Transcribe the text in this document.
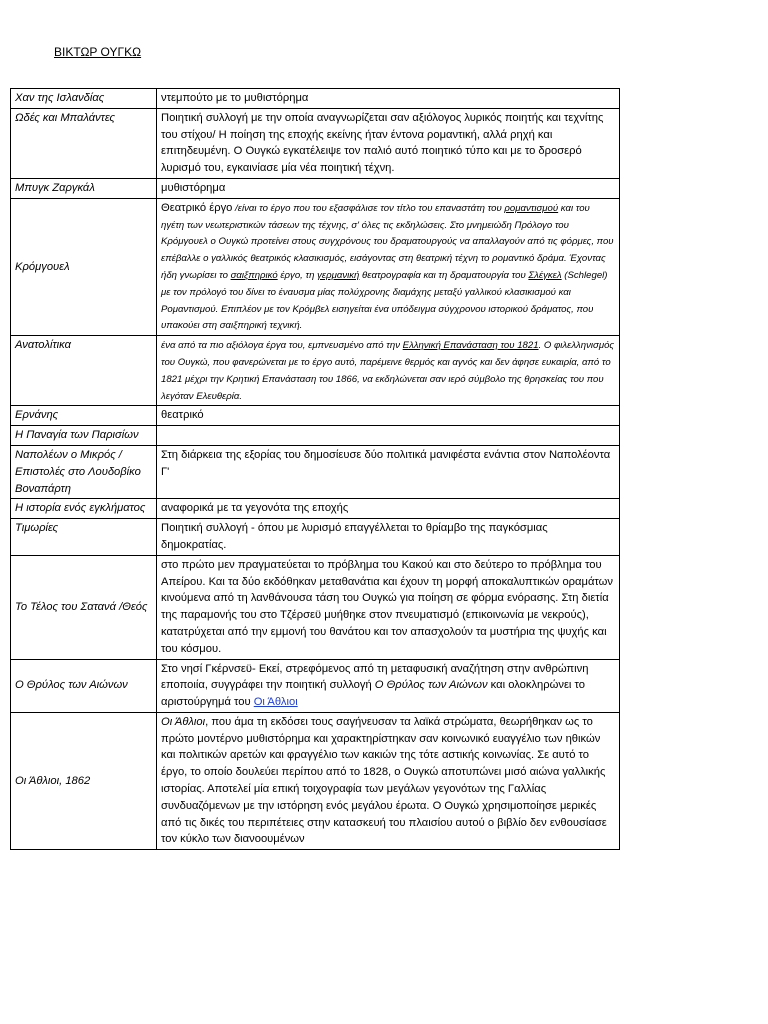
ΒΙΚΤΩΡ ΟΥΓΚΩ
Χαν της Ισλανδίας	ντεμπούτο με το μυθιστόρημα
Ωδές και Μπαλάντες	Ποιητική συλλογή με την οποία αναγνωρίζεται σαν αξιόλογος λυρικός ποιητής και τεχνίτης του στίχου/ Η ποίηση της εποχής εκείνης ήταν έντονα ρομαντική, αλλά ρηχή και επιτηδευμένη. Ο Ουγκώ εγκατέλειψε τον παλιό αυτό ποιητικό τύπο και με το δροσερό λυρισμό του, εγκαινίασε μία νέα ποιητική τέχνη.
Μπυγκ Ζαργκάλ	μυθιστόρημα
Κρόμγουελ	Θεατρικό έργο /είναι το έργο που του εξασφάλισε τον τίτλο του επαναστάτη του ρομαντισμού και του ηγέτη των νεωτεριστικών τάσεων της τέχνης, σ' όλες τις εκδηλώσεις. Στο μνημειώδη Πρόλογο του Κρόμγουελ ο Ουγκώ προτείνει στους συγχρόνους του δραματουργούς να απαλλαγούν από τις φόρμες, που επέβαλλε ο γαλλικός θεατρικός κλασικισμός, εισάγοντας στη θεατρική τέχνη το ρομαντικό δράμα. Έχοντας ήδη γνωρίσει το σαιξπηρικό έργο, τη γερμανική θεατρογραφία και τη δραματουργία του Σλέγκελ (Schlegel) με τον πρόλογό του δίνει το έναυσμα μίας πολύχρονης διαμάχης μεταξύ γαλλικού κλασικισμού και Ρομαντισμού. Επιπλέον με τον Κρόμβελ εισηγείται ένα υπόδειγμα σύγχρονου ιστορικού δράματος, που υπακούει στη σαιξπηρική τεχνική.
Ανατολίτικα	ένα από τα πιο αξιόλογα έργα του, εμπνευσμένο από την Ελληνική Επανάσταση του 1821. Ο φιλελληνισμός του Ουγκώ, που φανερώνεται με το έργο αυτό, παρέμεινε θερμός και αγνός και δεν άφησε ευκαιρία, από το 1821 μέχρι την Κρητική Επανάσταση του 1866, να εκδηλώνεται σαν ιερό σύμβολο της θρησκείας του που λεγόταν Ελευθερία.
Ερνάνης	θεατρικό
Η Παναγία των Παρισίων	
Ναπολέων ο Μικρός /Επιστολές στο Λουδοβίκο Βοναπάρτη	Στη διάρκεια της εξορίας του δημοσίευσε δύο πολιτικά μανιφέστα ενάντια στον Ναπολέοντα Γ'
Η ιστορία ενός εγκλήματος	αναφορικά με τα γεγονότα της εποχής
Τιμωρίες	Ποιητική συλλογή - όπου με λυρισμό επαγγέλλεται το θρίαμβο της παγκόσμιας δημοκρατίας.
Το Τέλος του Σατανά /Θεός	στο πρώτο μεν πραγματεύεται το πρόβλημα του Κακού και στο δεύτερο το πρόβλημα του Απείρου. Και τα δύο εκδόθηκαν μεταθανάτια και έχουν τη μορφή αποκαλυπτικών οραμάτων κινούμενα από τη λανθάνουσα τάση του Ουγκώ για ποίηση σε φόρμα ενόρασης. Στη διετία της παραμονής του στο Τζέρσεϋ μυήθηκε στον πνευματισμό (επικοινωνία με νεκρούς), κατατρύχεται από την εμμονή του θανάτου και τον απασχολούν τα μυστήρια της ψυχής και του κόσμου.
Ο Θρύλος των Αιώνων	Στο νησί Γκέρνσεϋ- Εκεί, στρεφόμενος από τη μεταφυσική αναζήτηση στην ανθρώπινη εποποιία, συγγράφει την ποιητική συλλογή Ο Θρύλος των Αιώνων και ολοκληρώνει το αριστούργημά του Οι Άθλιοι
Οι Άθλιοι, 1862	Οι Άθλιοι, που άμα τη εκδόσει τους σαγήνευσαν τα λαϊκά στρώματα, θεωρήθηκαν ως το πρώτο μοντέρνο μυθιστόρημα και χαρακτηρίστηκαν σαν κοινωνικό ευαγγέλιο των ηθικών και πολιτικών αρετών και φραγγέλιο των κακιών της τότε αστικής κοινωνίας. Σε αυτό το έργο, το οποίο δουλεύει περίπου από το 1828, ο Ουγκώ αποτυπώνει μισό αιώνα γαλλικής ιστορίας. Αποτελεί μία επική τοιχογραφία των μεγάλων γεγονότων της Γαλλίας συνδυαζόμενων με την ιστόρηση ενός μεγάλου έρωτα. Ο Ουγκώ χρησιμοποίησε μερικές από τις δικές του περιπέτειες στην κατασκευή του πλαισίου αυτού ο βιβλίο δεν ενθουσίασε τον κύκλο των διανοουμένων
